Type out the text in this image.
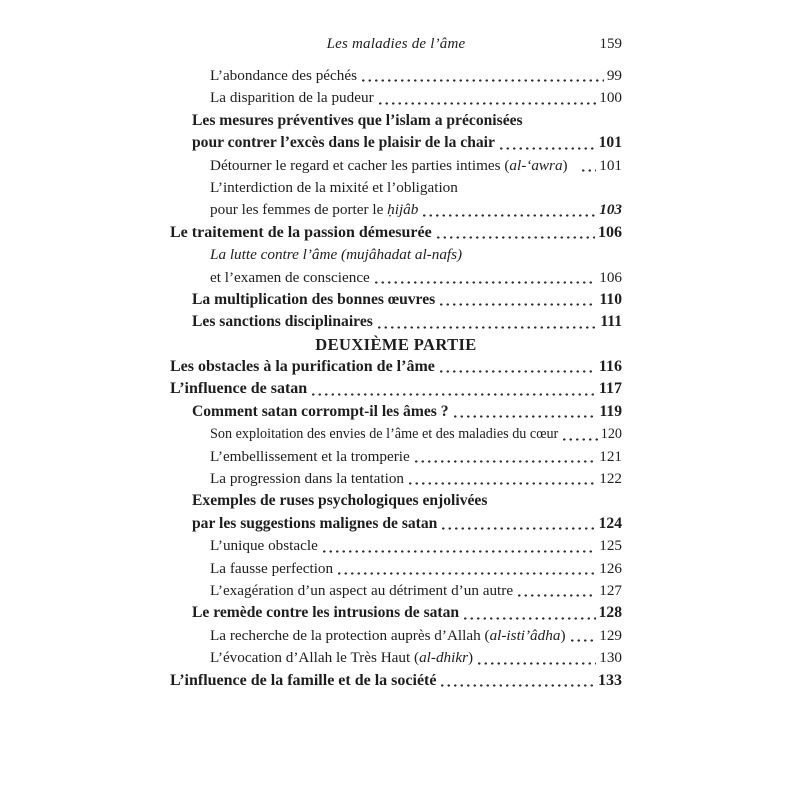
Les maladies de l’âme	159
L’abondance des péchés	99
La disparition de la pudeur	100
Les mesures préventives que l’islam a préconisées
pour contrer l’excès dans le plaisir de la chair	101
Détourner le regard et cacher les parties intimes (al-‘awra) 101
L’interdiction de la mixité et l’obligation
pour les femmes de porter le ḥijâb	103
Le traitement de la passion démesurée	106
La lutte contre l’âme (mujâhadat al-nafs)
et l’examen de conscience	106
La multiplication des bonnes œuvres	110
Les sanctions disciplinaires	111
DEUXIÈME PARTIE
Les obstacles à la purification de l’âme	116
L’influence de satan	117
Comment satan corrompt-il les âmes ?	119
Son exploitation des envies de l’âme et des maladies du cœur	120
L’embellissement et la tromperie	121
La progression dans la tentation	122
Exemples de ruses psychologiques enjolivées
par les suggestions malignes de satan	124
L’unique obstacle	125
La fausse perfection	126
L’exagération d’un aspect au détriment d’un autre	127
Le remède contre les intrusions de satan	128
La recherche de la protection auprès d’Allah (al-isti’âdha) 129
L’évocation d’Allah le Très Haut (al-dhikr)	130
L’influence de la famille et de la société	133
